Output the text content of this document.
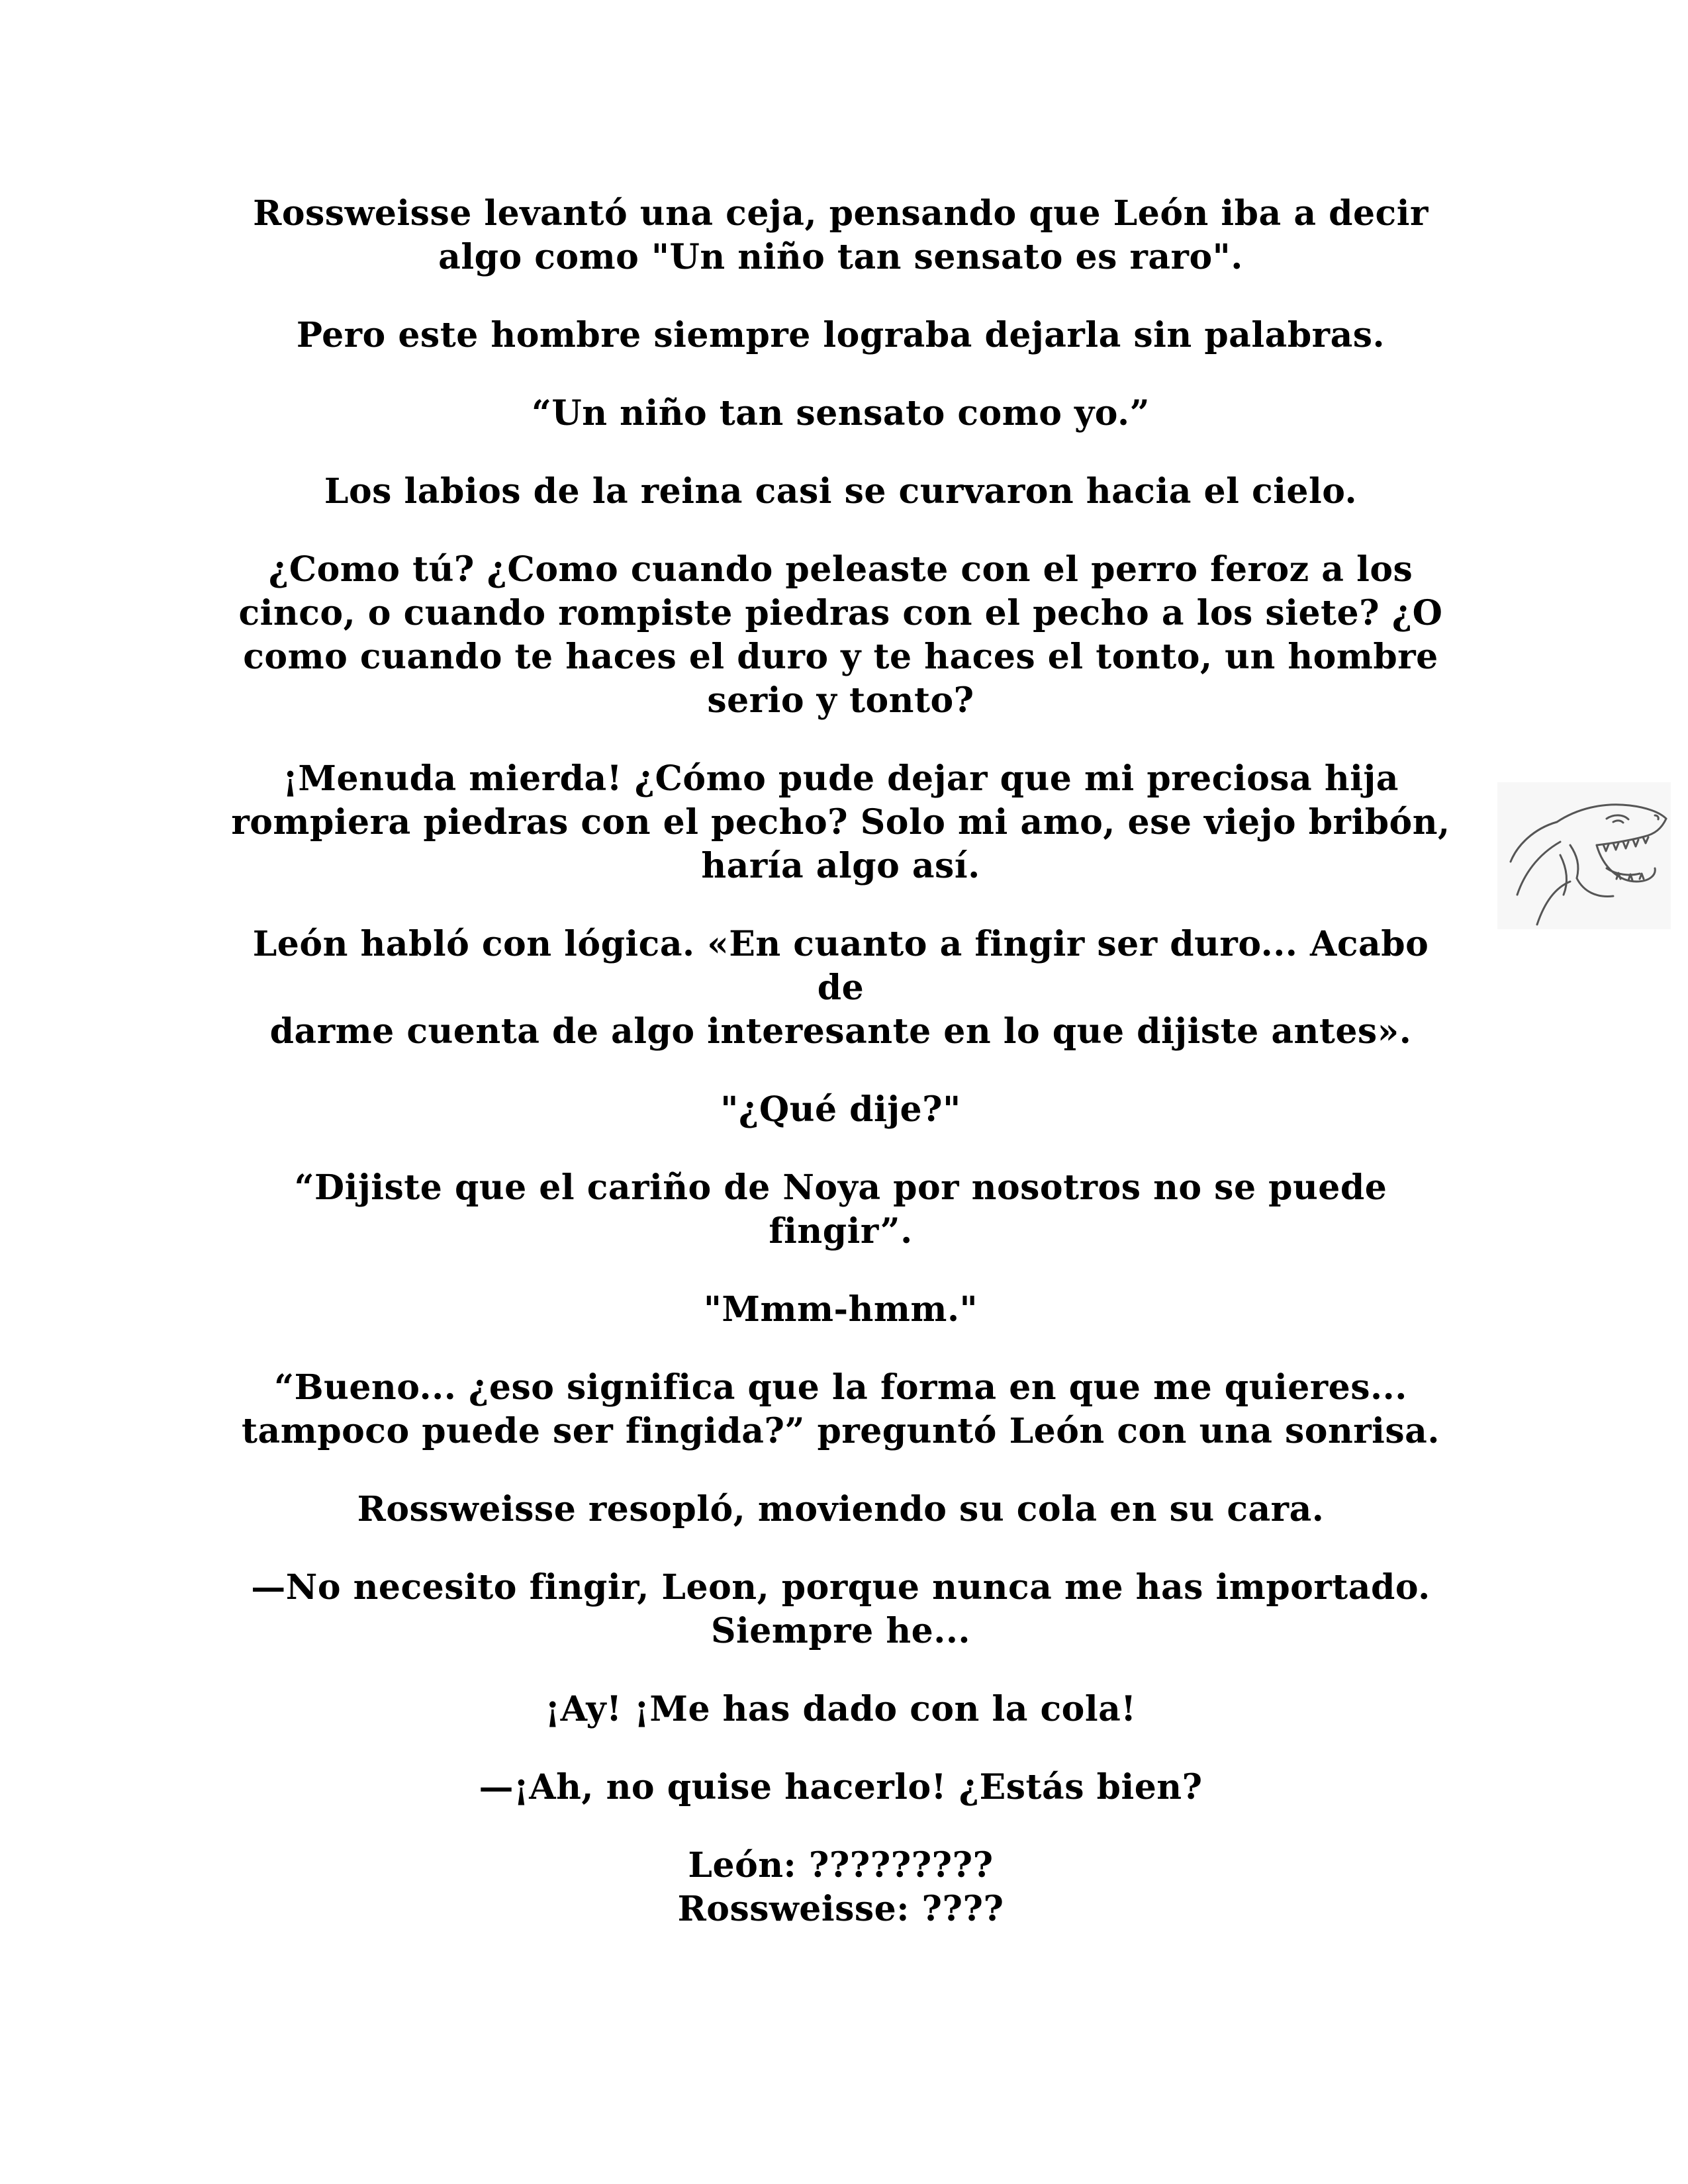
Rossweisse levantó una ceja, pensando que León iba a decir
algo como "Un niño tan sensato es raro".

Pero este hombre siempre lograba dejarla sin palabras.

“Un niño tan sensato como yo.”

Los labios de la reina casi se curvaron hacia el cielo.

¿Como tú? ¿Como cuando peleaste con el perro feroz a los
cinco, o cuando rompiste piedras con el pecho a los siete? ¿O
como cuando te haces el duro y te haces el tonto, un hombre
serio y tonto?

¡Menuda mierda! ¿Cómo pude dejar que mi preciosa hija
rompiera piedras con el pecho? Solo mi amo, ese viejo bribón,
haría algo así.

León habló con lógica. «En cuanto a fingir ser duro... Acabo de
darme cuenta de algo interesante en lo que dijiste antes».

"¿Qué dije?"

“Dijiste que el cariño de Noya por nosotros no se puede
fingir”.

"Mmm-hmm."

“Bueno... ¿eso significa que la forma en que me quieres...
tampoco puede ser fingida?” preguntó León con una sonrisa.

Rossweisse resopló, moviendo su cola en su cara.

—No necesito fingir, Leon, porque nunca me has importado.
Siempre he...

¡Ay! ¡Me has dado con la cola!

—¡Ah, no quise hacerlo! ¿Estás bien?

León: ?????????
Rossweisse: ????
